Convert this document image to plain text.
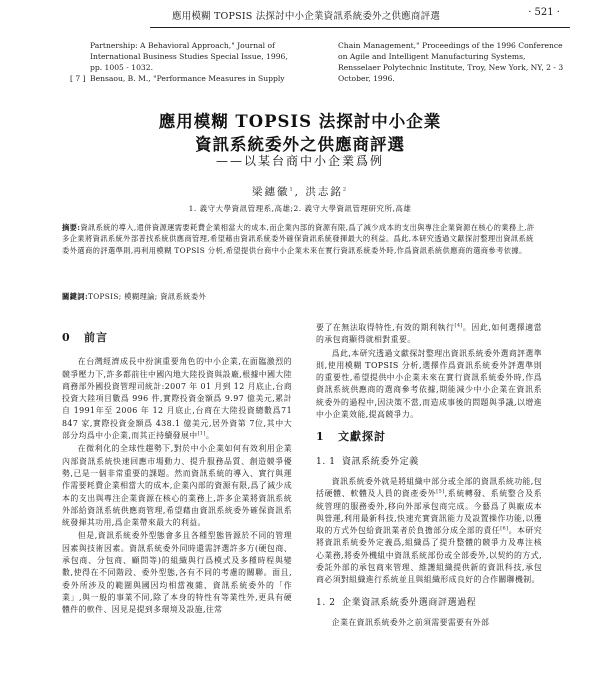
應用模糊 TOPSIS 法探討中小企業資訊系統委外之供應商評選	· 521 ·

Partnership: A Behavioral Approach," Journal of International Business Studies Special Issue, 1996, pp. 1005 - 1032.

[ 7 ] Bensaou, B. M., "Performance Measures in Supply

Chain Management," Proceedings of the 1996 Conference on Agile and Intelligent Manufacturing Systems, Rensselaer Polytechnic Institute, Troy, New York, NY, 2 - 3 October, 1996.

應用模糊 TOPSIS 法探討中小企業
資訊系統委外之供應商評選
——以某台商中小企業爲例
梁鏸徽$^1$, 洪志銘$^2$
1. 義守大學資訊管理系,高雄;2. 義守大學資訊管理研究所,高雄
摘要:資訊系統的導入,還併資源運需要耗費企業相當大的成本,而企業內部的資源有限,爲了減少成本的支出與專注企業資源在核心的業務上,許多企業將資訊系統外部普找系統供應商管理,希望藉由資訊系統委外確保資訊系統發揮最大的利益。爲此,本研究透過文獻探討整理出資訊系統委外選商的評選準則,再利用模糊 TOPSIS 分析,希望提供台商中小企業未來在實行資訊系統委外時,作爲資訊系統供應商的選商參考依據。
關鍵詞:TOPSIS; 模糊理論; 資訊系統委外
0 前言

在台灣經濟成長中扮演重要角色的中小企業,在面臨激烈的競爭壓力下,許多都前往中國內地大陸投資與設廠,根據中國大陸商務部外國投資管理司統計:2007 年 01 月到 12 月底止,台商投資大陸項目數爲 996 件,實際投資金額爲 9.97 億美元,累計自 1991年至 2006 年 12 月底止,台商在大陸投資總數爲71 847 家,實際投資金額爲 438.1 億美元,居外資第 7位,其中大部分均爲中小企業,而其正持續發展中[1]。

在微利化的全球性趨勢下,對於中小企業如何有效利用企業內部資訊系統快速回應市場動力、提升服務品質、創造競爭優勢,已是一個非常重要的課題。然而資訊系統的導入、實行與運作需要耗費企業相當大的成本,企業內部的資源有限,爲了減少成本的支出與專注企業資源在核心的業務上,許多企業將資訊系統外部給資訊系統供應商管理,希望藉由資訊系統委外確保資訊系統發揮其功用,爲企業帶來最大的利益。

但是,資訊系統委外型態會多且各種型態皆源於不同的管理因素與技術因素。資訊系統委外同時還需評選許多方(硬包商、承包商、分包商、顧問等)的組織與行爲模式及多種時程與變數,使得在不同階段、委外型態,各有不同的考慮的關聯。面且,委外所涉及的範圍與國因均相當複雜、資訊系統委外的「作業」,與一般的事業不同,除了本身的特性有等業性外,更具有硬體件的軟件、因見是提到多環境及設施,往常

要了在無法取得特性,有效的期利執行[4]。因此,如何選擇適當的承包商顯得就相對重要。

爲此,本研究透過文獻探討整理出資訊系統委外選商評選準則,使用模糊 TOPSIS 分析,選擇作爲資訊系統委外評選準則的重要性,希望提供中小企業未來在實行資訊系統委外時,作爲資訊系統供應商的選商參考依據,期能減少中小企業在資訊系統委外的過程中,因決策不當,而造成事後的問題與爭議,以增進中小企業效能,提高競爭力。

1 文獻探討
1. 1 資訊系統委外定義

資訊系統委外就是將組織中部分或全部的資訊系統功能,包括硬體、軟體及人員的資產委外[5],系統轉發、系統整合及系統管理的服務委外,移向外部承包商完成。今藝爲了與廠成本與營運,利用最新科技,快速充實資訊能力及設置操作功能,以獲取的方式外包給資訊業者於負擔部分成全部的責任[6]。本研究將資訊系統委外定義爲,組織爲了提升整體的競爭力及專注核心業務,將委外機組中資訊系統部份或全部委外,以契約的方式,委託外部的承包商來管理、維護組織提供新的資訊科技,承包商必須對組織進行系統並且與組織形成良好的合作關聯機制。

1. 2 企業資訊系統委外選商評選過程

企業在資訊系統委外之前須需要需要有外部
